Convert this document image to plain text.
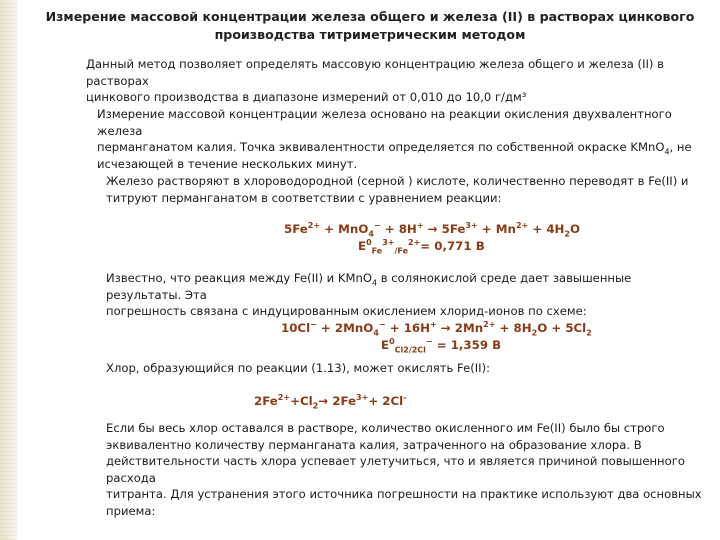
Измерение массовой концентрации железа общего и железа (II) в растворах цинкового
производства титриметрическим методом
Данный метод позволяет определять массовую концентрацию железа общего и железа (II) в растворах
цинкового производства в диапазоне измерений от 0,010 до 10,0 г/дм³
Измерение массовой концентрации железа основано на реакции окисления двухвалентного железа
перманганатом калия. Точка эквивалентности определяется по собственной окраске KMnO$_4$, не
исчезающей в течение нескольких минут.
Железо растворяют в хлороводородной (серной ) кислоте, количественно переводят в Fe(II) и
титруют перманганатом в соответствии с уравнением реакции:
$5Fe^{2+} + MnO_4^- + 8H^+ \to 5Fe^{3+} + Mn^{2+} + 4H_2O$
$E^0_{Fe}^{3+}_{/Fe}^{2+}= 0,771$ В
Известно, что реакция между Fe(II) и KMnO$_4$ в солянокислой среде дает завышенные результаты. Эта
погрешность связана с индуцированным окислением хлорид-ионов по схеме:
$10Cl^- + 2MnO_4^- + 16H^+ \to 2Mn^{2+} + 8H_2O + 5Cl_2$
$E^0_{Cl2/2Cl}^- = 1,359$ В
Хлор, образующийся по реакции (1.13), может окислять Fe(II):
$2Fe^{2+}+Cl_2\to 2Fe^{3+}+ 2Cl^-$
Если бы весь хлор оставался в растворе, количество окисленного им Fe(II) было бы строго
эквивалентно количеству перманганата калия, затраченного на образование хлора. В
действительности часть хлора успевает улетучиться, что и является причиной повышенного расхода
титранта. Для устранения этого источника погрешности на практике используют два основных
приема:
